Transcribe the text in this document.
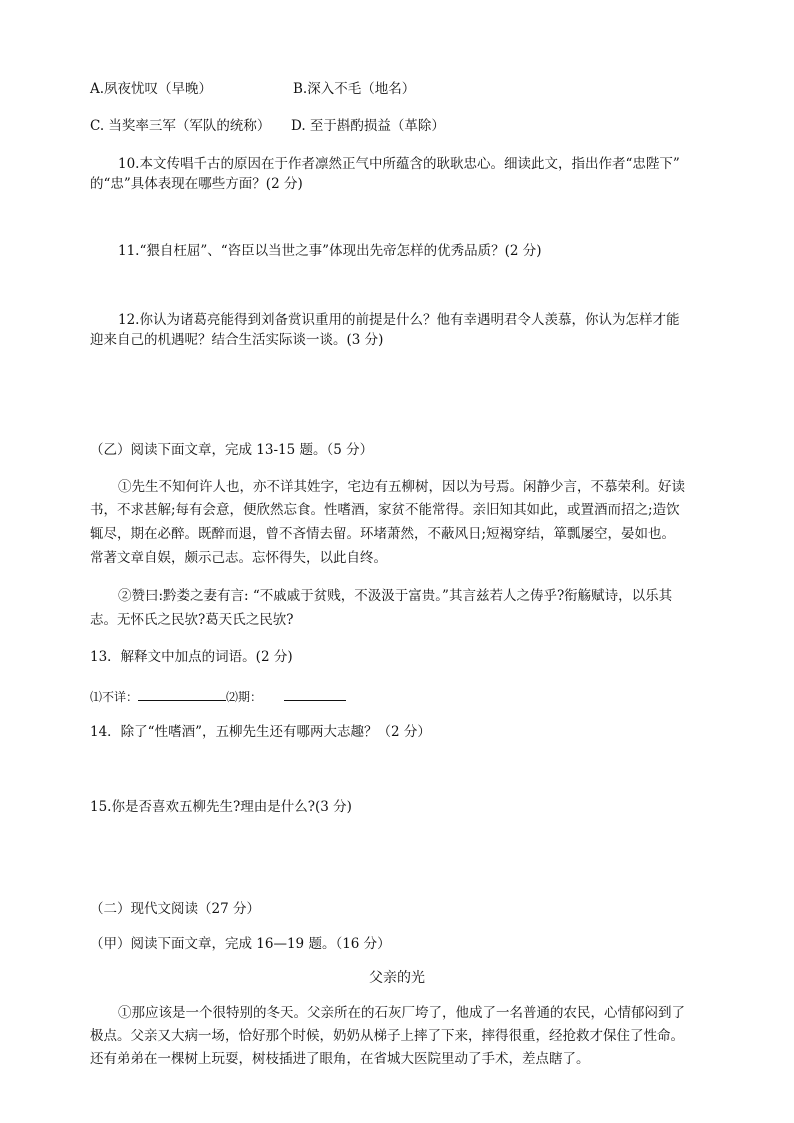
A.夙夜忧叹（早晚）	B.深入不毛（地名）
C. 当奖率三军（军队的统称） D. 至于斟酌损益（革除）
10.本文传唱千古的原因在于作者凛然正气中所蕴含的耿耿忠心。细读此文，指出作者“忠陛下”
的“忠”具体表现在哪些方面？(2 分)
11.“猥自枉屈”、“咨臣以当世之事”体现出先帝怎样的优秀品质？(2 分)
12.你认为诸葛亮能得到刘备赏识重用的前提是什么？他有幸遇明君令人羡慕，你认为怎样才能
迎来自己的机遇呢？结合生活实际谈一谈。(3 分)
（乙）阅读下面文章，完成 13-15 题。（5 分）
①先生不知何许人也，亦不详其姓字，宅边有五柳树，因以为号焉。闲静少言，不慕荣利。好读
书，不求甚解;每有会意，便欣然忘食。性嗜酒，家贫不能常得。亲旧知其如此，或置酒而招之;造饮
辄尽，期在必醉。既醉而退，曾不吝情去留。环堵萧然，不蔽风日;短褐穿结，箪瓢屡空，晏如也。
常著文章自娱，颇示己志。忘怀得失，以此自终。
②赞曰:黔娄之妻有言: “不戚戚于贫贱，不汲汲于富贵。”其言兹若人之俦乎?衔觞赋诗，以乐其
志。无怀氏之民欤?葛天氏之民欤?
13．解释文中加点的词语。(2 分)
⑴不详：	⑵期：
14．除了“性嗜酒”，五柳先生还有哪两大志趣？（2 分）
15.你是否喜欢五柳先生?理由是什么?(3 分)
（二）现代文阅读（27 分）
（甲）阅读下面文章，完成 16—19 题。（16 分）
父亲的光
①那应该是一个很特别的冬天。父亲所在的石灰厂垮了，他成了一名普通的农民，心情郁闷到了
极点。父亲又大病一场，恰好那个时候，奶奶从梯子上摔了下来，摔得很重，经抢救才保住了性命。
还有弟弟在一棵树上玩耍，树枝插进了眼角，在省城大医院里动了手术，差点瞎了。
